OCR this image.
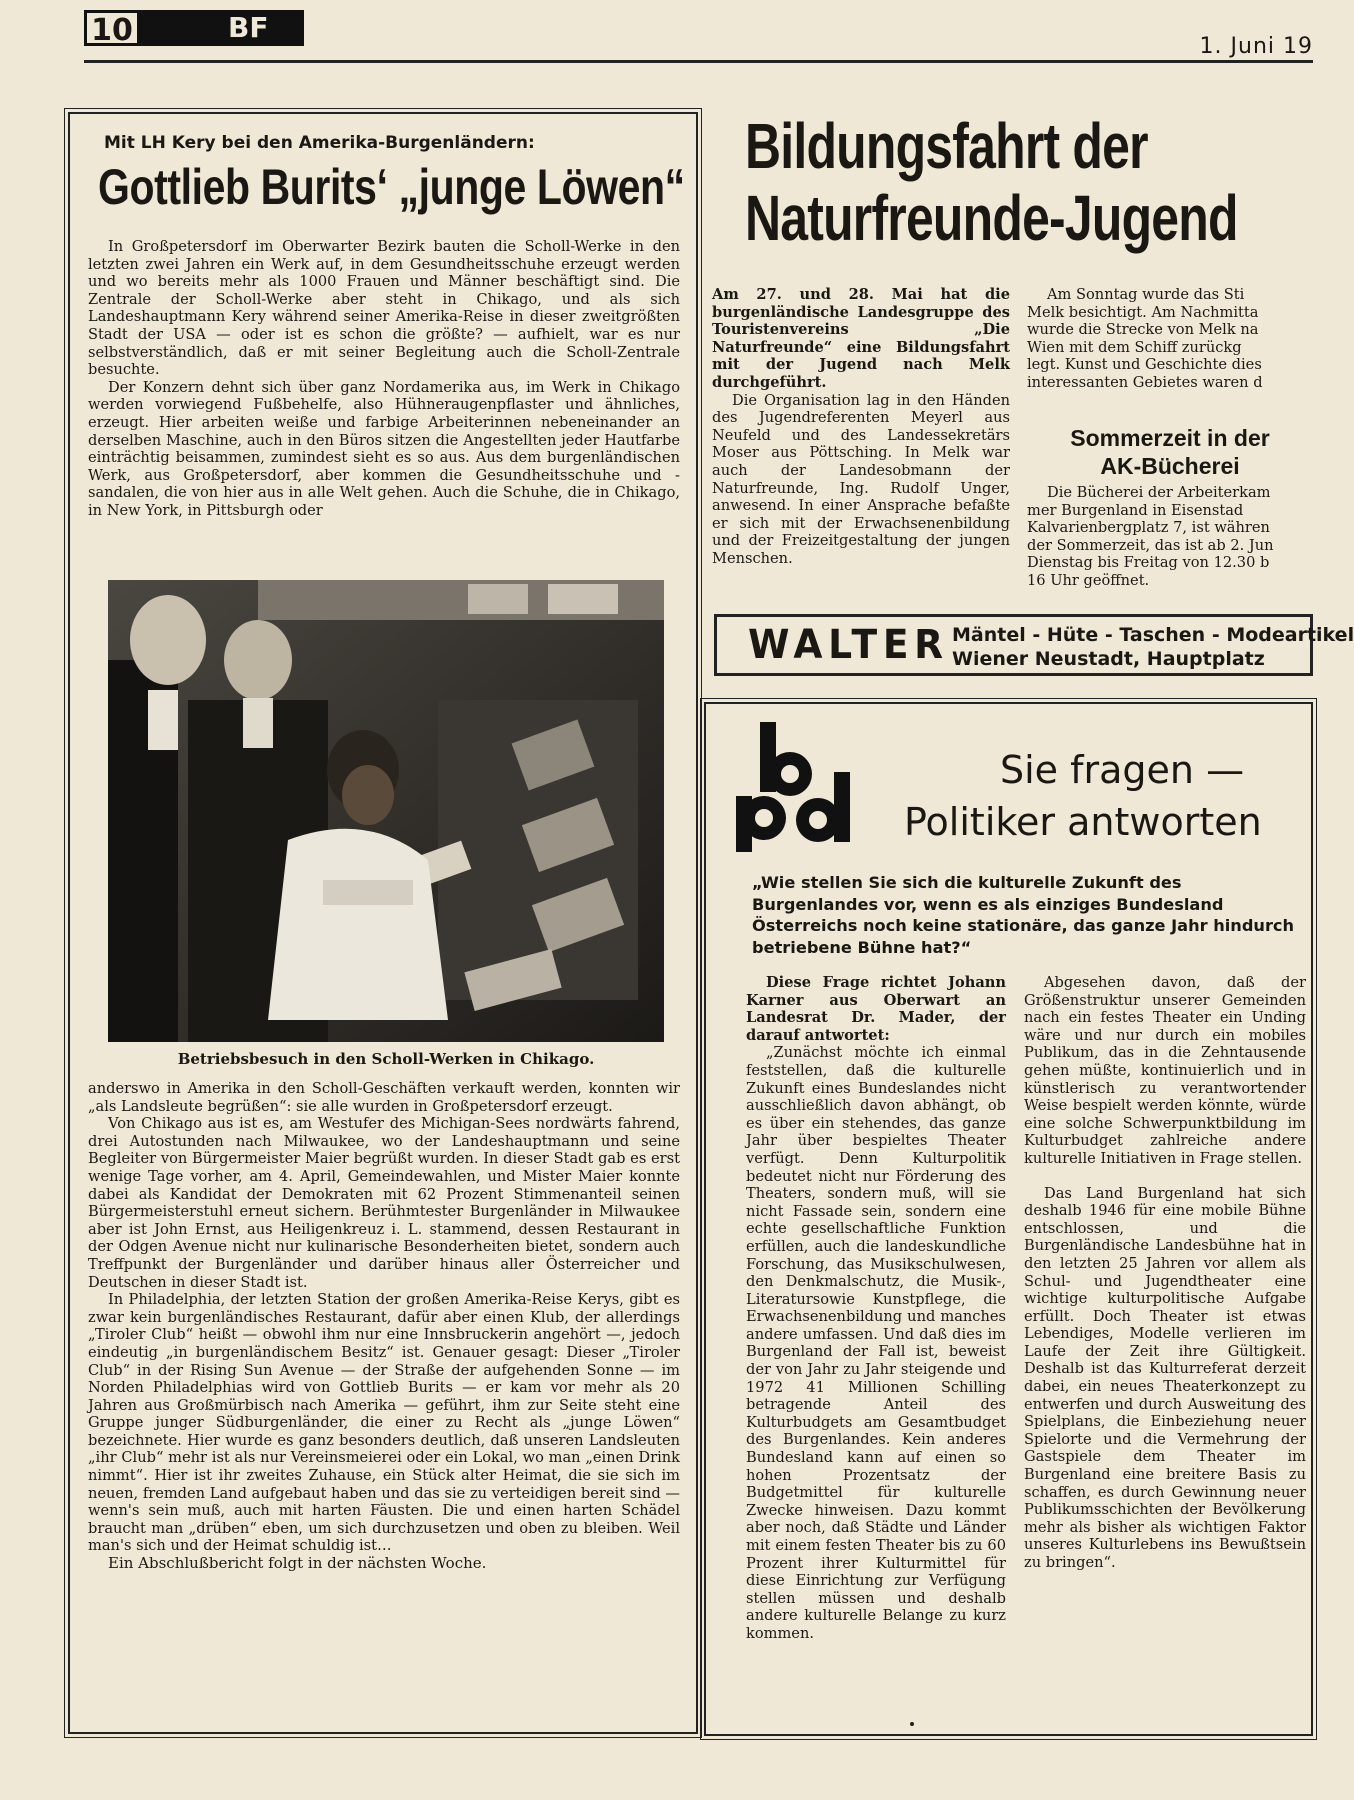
10	BF
1. Juni 19
Mit LH Kery bei den Amerika-Burgenländern:
Gottlieb Burits‘ „junge Löwen“

In Großpetersdorf im Oberwarter Bezirk bauten die Scholl-Werke in den letzten zwei Jahren ein Werk auf, in dem Gesundheitsschuhe erzeugt werden und wo bereits mehr als 1000 Frauen und Männer beschäftigt sind. Die Zentrale der Scholl-Werke aber steht in Chikago, und als sich Landeshauptmann Kery während seiner Amerika-Reise in dieser zweitgrößten Stadt der USA — oder ist es schon die größte? — aufhielt, war es nur selbstverständlich, daß er mit seiner Begleitung auch die Scholl-Zentrale besuchte.

Der Konzern dehnt sich über ganz Nordamerika aus, im Werk in Chikago werden vorwiegend Fußbehelfe, also Hühneraugenpflaster und ähnliches, erzeugt. Hier arbeiten weiße und farbige Arbeiterinnen nebeneinander an derselben Maschine, auch in den Büros sitzen die Angestellten jeder Hautfarbe einträchtig beisammen, zumindest sieht es so aus. Aus dem burgenländischen Werk, aus Großpetersdorf, aber kommen die Gesundheitsschuhe und -sandalen, die von hier aus in alle Welt gehen. Auch die Schuhe, die in Chikago, in New York, in Pittsburgh oder

Betriebsbesuch in den Scholl-Werken in Chikago.

anderswo in Amerika in den Scholl-Geschäften verkauft werden, konnten wir „als Landsleute begrüßen“: sie alle wurden in Großpetersdorf erzeugt.

Von Chikago aus ist es, am Westufer des Michigan-Sees nordwärts fahrend, drei Autostunden nach Milwaukee, wo der Landeshauptmann und seine Begleiter von Bürgermeister Maier begrüßt wurden. In dieser Stadt gab es erst wenige Tage vorher, am 4. April, Gemeindewahlen, und Mister Maier konnte dabei als Kandidat der Demokraten mit 62 Prozent Stimmenanteil seinen Bürgermeisterstuhl erneut sichern. Berühmtester Burgenländer in Milwaukee aber ist John Ernst, aus Heiligenkreuz i. L. stammend, dessen Restaurant in der Odgen Avenue nicht nur kulinarische Besonderheiten bietet, sondern auch Treffpunkt der Burgenländer und darüber hinaus aller Österreicher und Deutschen in dieser Stadt ist.

In Philadelphia, der letzten Station der großen Amerika-Reise Kerys, gibt es zwar kein burgenländisches Restaurant, dafür aber einen Klub, der allerdings „Tiroler Club“ heißt — obwohl ihm nur eine Innsbruckerin angehört —, jedoch eindeutig „in burgenländischem Besitz“ ist. Genauer gesagt: Dieser „Tiroler Club“ in der Rising Sun Avenue — der Straße der aufgehenden Sonne — im Norden Philadelphias wird von Gottlieb Burits — er kam vor mehr als 20 Jahren aus Großmürbisch nach Amerika — geführt, ihm zur Seite steht eine Gruppe junger Südburgenländer, die einer zu Recht als „junge Löwen“ bezeichnete. Hier wurde es ganz besonders deutlich, daß unseren Landsleuten „ihr Club“ mehr ist als nur Vereinsmeierei oder ein Lokal, wo man „einen Drink nimmt“. Hier ist ihr zweites Zuhause, ein Stück alter Heimat, die sie sich im neuen, fremden Land aufgebaut haben und das sie zu verteidigen bereit sind — wenn's sein muß, auch mit harten Fäusten. Die und einen harten Schädel braucht man „drüben“ eben, um sich durchzusetzen und oben zu bleiben. Weil man's sich und der Heimat schuldig ist…

Ein Abschlußbericht folgt in der nächsten Woche.

Bildungsfahrt der
Naturfreunde-Jugend

Am 27. und 28. Mai hat die burgenländische Landesgruppe des Touristenvereins „Die Naturfreunde“ eine Bildungsfahrt mit der Jugend nach Melk durchgeführt.

Die Organisation lag in den Händen des Jugendreferenten Meyerl aus Neufeld und des Landessekretärs Moser aus Pöttsching. In Melk war auch der Landesobmann der Naturfreunde, Ing. Rudolf Unger, anwesend. In einer Ansprache befaßte er sich mit der Erwachsenenbildung und der Freizeitgestaltung der jungen Menschen.

Am Sonntag wurde das Sti
Melk besichtigt. Am Nachmitta
wurde die Strecke von Melk na
Wien mit dem Schiff zurückg
legt. Kunst und Geschichte dies
interessanten Gebietes waren d
Sommerzeit in der
AK-Bücherei
Die Bücherei der Arbeiterkam
mer Burgenland in Eisenstad
Kalvarienbergplatz 7, ist währen
der Sommerzeit, das ist ab 2. Jun
Dienstag bis Freitag von 12.30 b
16 Uhr geöffnet.
WALTER Mäntel - Hüte - Taschen - Modeartikel
Wiener Neustadt, Hauptplatz
Sie fragen —
Politiker antworten
„Wie stellen Sie sich die kulturelle Zukunft des Burgenlandes vor, wenn es als einziges Bundesland Österreichs noch keine stationäre, das ganze Jahr hindurch betriebene Bühne hat?“

Diese Frage richtet Johann Karner aus Oberwart an Landesrat Dr. Mader, der darauf antwortet:

„Zunächst möchte ich einmal feststellen, daß die kulturelle Zukunft eines Bundeslandes nicht ausschließlich davon abhängt, ob es über ein stehendes, das ganze Jahr über bespieltes Theater verfügt. Denn Kulturpolitik bedeutet nicht nur Förderung des Theaters, sondern muß, will sie nicht Fassade sein, sondern eine echte gesellschaftliche Funktion erfüllen, auch die landeskundliche Forschung, das Musikschulwesen, den Denkmalschutz, die Musik-, Literatursowie Kunstpflege, die Erwachsenenbildung und manches andere umfassen. Und daß dies im Burgenland der Fall ist, beweist der von Jahr zu Jahr steigende und 1972 41 Millionen Schilling betragende Anteil des Kulturbudgets am Gesamtbudget des Burgenlandes. Kein anderes Bundesland kann auf einen so hohen Prozentsatz der Budgetmittel für kulturelle Zwecke hinweisen. Dazu kommt aber noch, daß Städte und Länder mit einem festen Theater bis zu 60 Prozent ihrer Kulturmittel für diese Einrichtung zur Verfügung stellen müssen und deshalb andere kulturelle Belange zu kurz kommen.

Abgesehen davon, daß der Größenstruktur unserer Gemeinden nach ein festes Theater ein Unding wäre und nur durch ein mobiles Publikum, das in die Zehntausende gehen müßte, kontinuierlich und in künstlerisch zu verantwortender Weise bespielt werden könnte, würde eine solche Schwerpunktbildung im Kulturbudget zahlreiche andere kulturelle Initiativen in Frage stellen.

Das Land Burgenland hat sich deshalb 1946 für eine mobile Bühne entschlossen, und die Burgenländische Landesbühne hat in den letzten 25 Jahren vor allem als Schul- und Jugendtheater eine wichtige kulturpolitische Aufgabe erfüllt. Doch Theater ist etwas Lebendiges, Modelle verlieren im Laufe der Zeit ihre Gültigkeit. Deshalb ist das Kulturreferat derzeit dabei, ein neues Theaterkonzept zu entwerfen und durch Ausweitung des Spielplans, die Einbeziehung neuer Spielorte und die Vermehrung der Gastspiele dem Theater im Burgenland eine breitere Basis zu schaffen, es durch Gewinnung neuer Publikumsschichten der Bevölkerung mehr als bisher als wichtigen Faktor unseres Kulturlebens ins Bewußtsein zu bringen“.
